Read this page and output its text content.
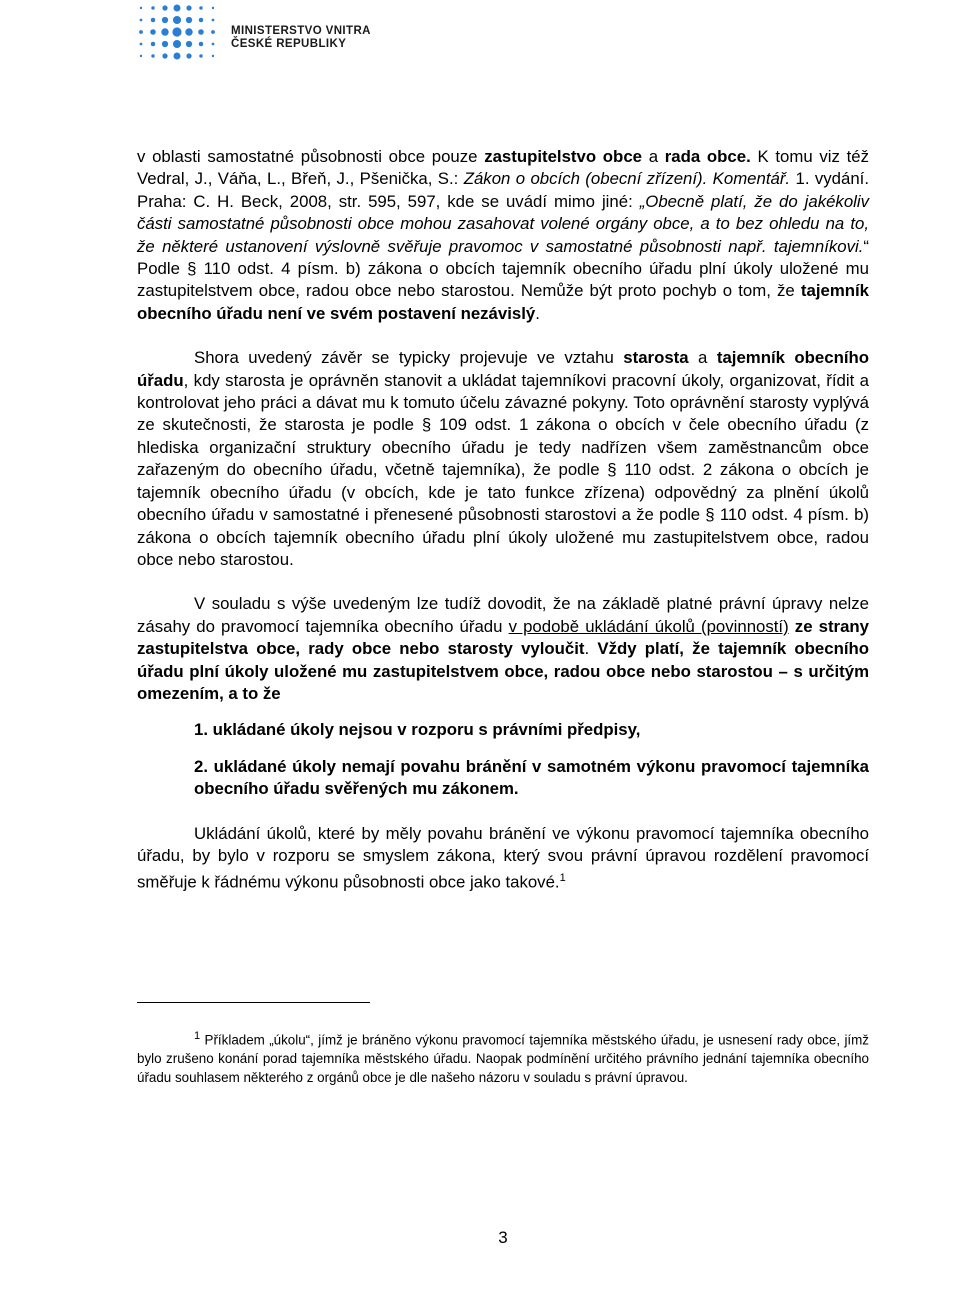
MINISTERSTVO VNITRA
ČESKÉ REPUBLIKY

v oblasti samostatné působnosti obce pouze zastupitelstvo obce a rada obce. K tomu viz též Vedral, J., Váňa, L., Břeň, J., Pšenička, S.: Zákon o obcích (obecní zřízení). Komentář. 1. vydání. Praha: C. H. Beck, 2008, str. 595, 597, kde se uvádí mimo jiné: „Obecně platí, že do jakékoliv části samostatné působnosti obce mohou zasahovat volené orgány obce, a to bez ohledu na to, že některé ustanovení výslovně svěřuje pravomoc v samostatné působnosti např. tajemníkovi.“ Podle § 110 odst. 4 písm. b) zákona o obcích tajemník obecního úřadu plní úkoly uložené mu zastupitelstvem obce, radou obce nebo starostou. Nemůže být proto pochyb o tom, že tajemník obecního úřadu není ve svém postavení nezávislý.

Shora uvedený závěr se typicky projevuje ve vztahu starosta a tajemník obecního úřadu, kdy starosta je oprávněn stanovit a ukládat tajemníkovi pracovní úkoly, organizovat, řídit a kontrolovat jeho práci a dávat mu k tomuto účelu závazné pokyny. Toto oprávnění starosty vyplývá ze skutečnosti, že starosta je podle § 109 odst. 1 zákona o obcích v čele obecního úřadu (z hlediska organizační struktury obecního úřadu je tedy nadřízen všem zaměstnancům obce zařazeným do obecního úřadu, včetně tajemníka), že podle § 110 odst. 2 zákona o obcích je tajemník obecního úřadu (v obcích, kde je tato funkce zřízena) odpovědný za plnění úkolů obecního úřadu v samostatné i přenesené působnosti starostovi a že podle § 110 odst. 4 písm. b) zákona o obcích tajemník obecního úřadu plní úkoly uložené mu zastupitelstvem obce, radou obce nebo starostou.

V souladu s výše uvedeným lze tudíž dovodit, že na základě platné právní úpravy nelze zásahy do pravomocí tajemníka obecního úřadu v podobě ukládání úkolů (povinností) ze strany zastupitelstva obce, rady obce nebo starosty vyloučit. Vždy platí, že tajemník obecního úřadu plní úkoly uložené mu zastupitelstvem obce, radou obce nebo starostou – s určitým omezením, a to že

1. ukládané úkoly nejsou v rozporu s právními předpisy,

2. ukládané úkoly nemají povahu bránění v samotném výkonu pravomocí tajemníka obecního úřadu svěřených mu zákonem.

Ukládání úkolů, které by měly povahu bránění ve výkonu pravomocí tajemníka obecního úřadu, by bylo v rozporu se smyslem zákona, který svou právní úpravou rozdělení pravomocí směřuje k řádnému výkonu působnosti obce jako takové.$^1$

$^1$ Příkladem „úkolu“, jímž je bráněno výkonu pravomocí tajemníka městského úřadu, je usnesení rady obce, jímž bylo zrušeno konání porad tajemníka městského úřadu. Naopak podmínění určitého právního jednání tajemníka obecního úřadu souhlasem některého z orgánů obce je dle našeho názoru v souladu s právní úpravou.
3
